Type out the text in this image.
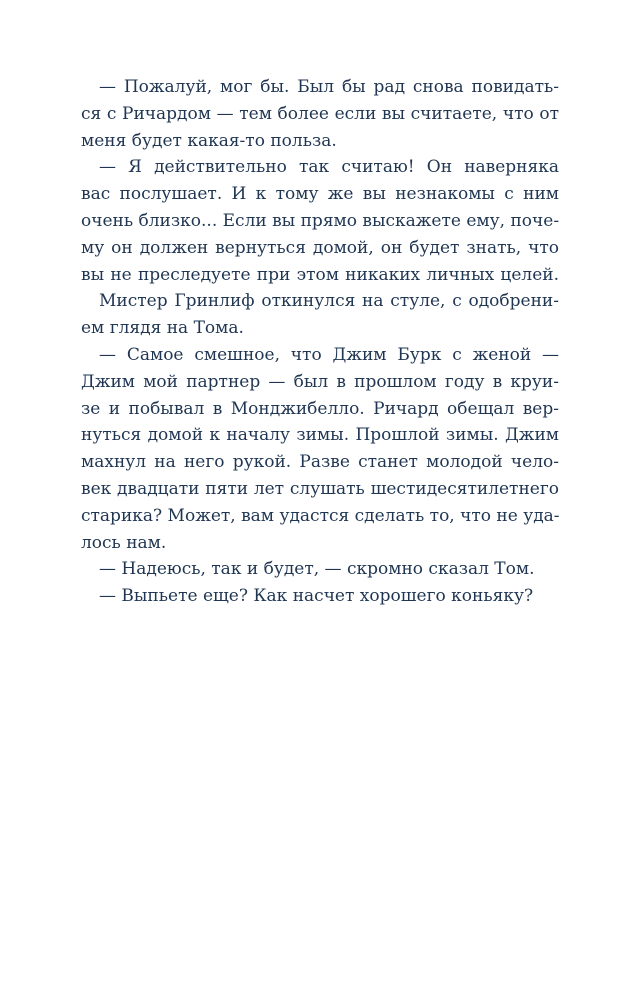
— Пожалуй, мог бы. Был бы рад снова повидать-
ся с Ричардом — тем более если вы считаете, что от
меня будет какая-то польза.
— Я действительно так считаю! Он наверняка
вас послушает. И к тому же вы незнакомы с ним
очень близко... Если вы прямо выскажете ему, поче-
му он должен вернуться домой, он будет знать, что
вы не преследуете при этом никаких личных целей.
Мистер Гринлиф откинулся на стуле, с одобрени-
ем глядя на Тома.
— Самое смешное, что Джим Бурк с женой —
Джим мой партнер — был в прошлом году в круи-
зе и побывал в Монджибелло. Ричард обещал вер-
нуться домой к началу зимы. Прошлой зимы. Джим
махнул на него рукой. Разве станет молодой чело-
век двадцати пяти лет слушать шестидесятилетнего
старика? Может, вам удастся сделать то, что не уда-
лось нам.
— Надеюсь, так и будет, — скромно сказал Том.
— Выпьете еще? Как насчет хорошего коньяку?
